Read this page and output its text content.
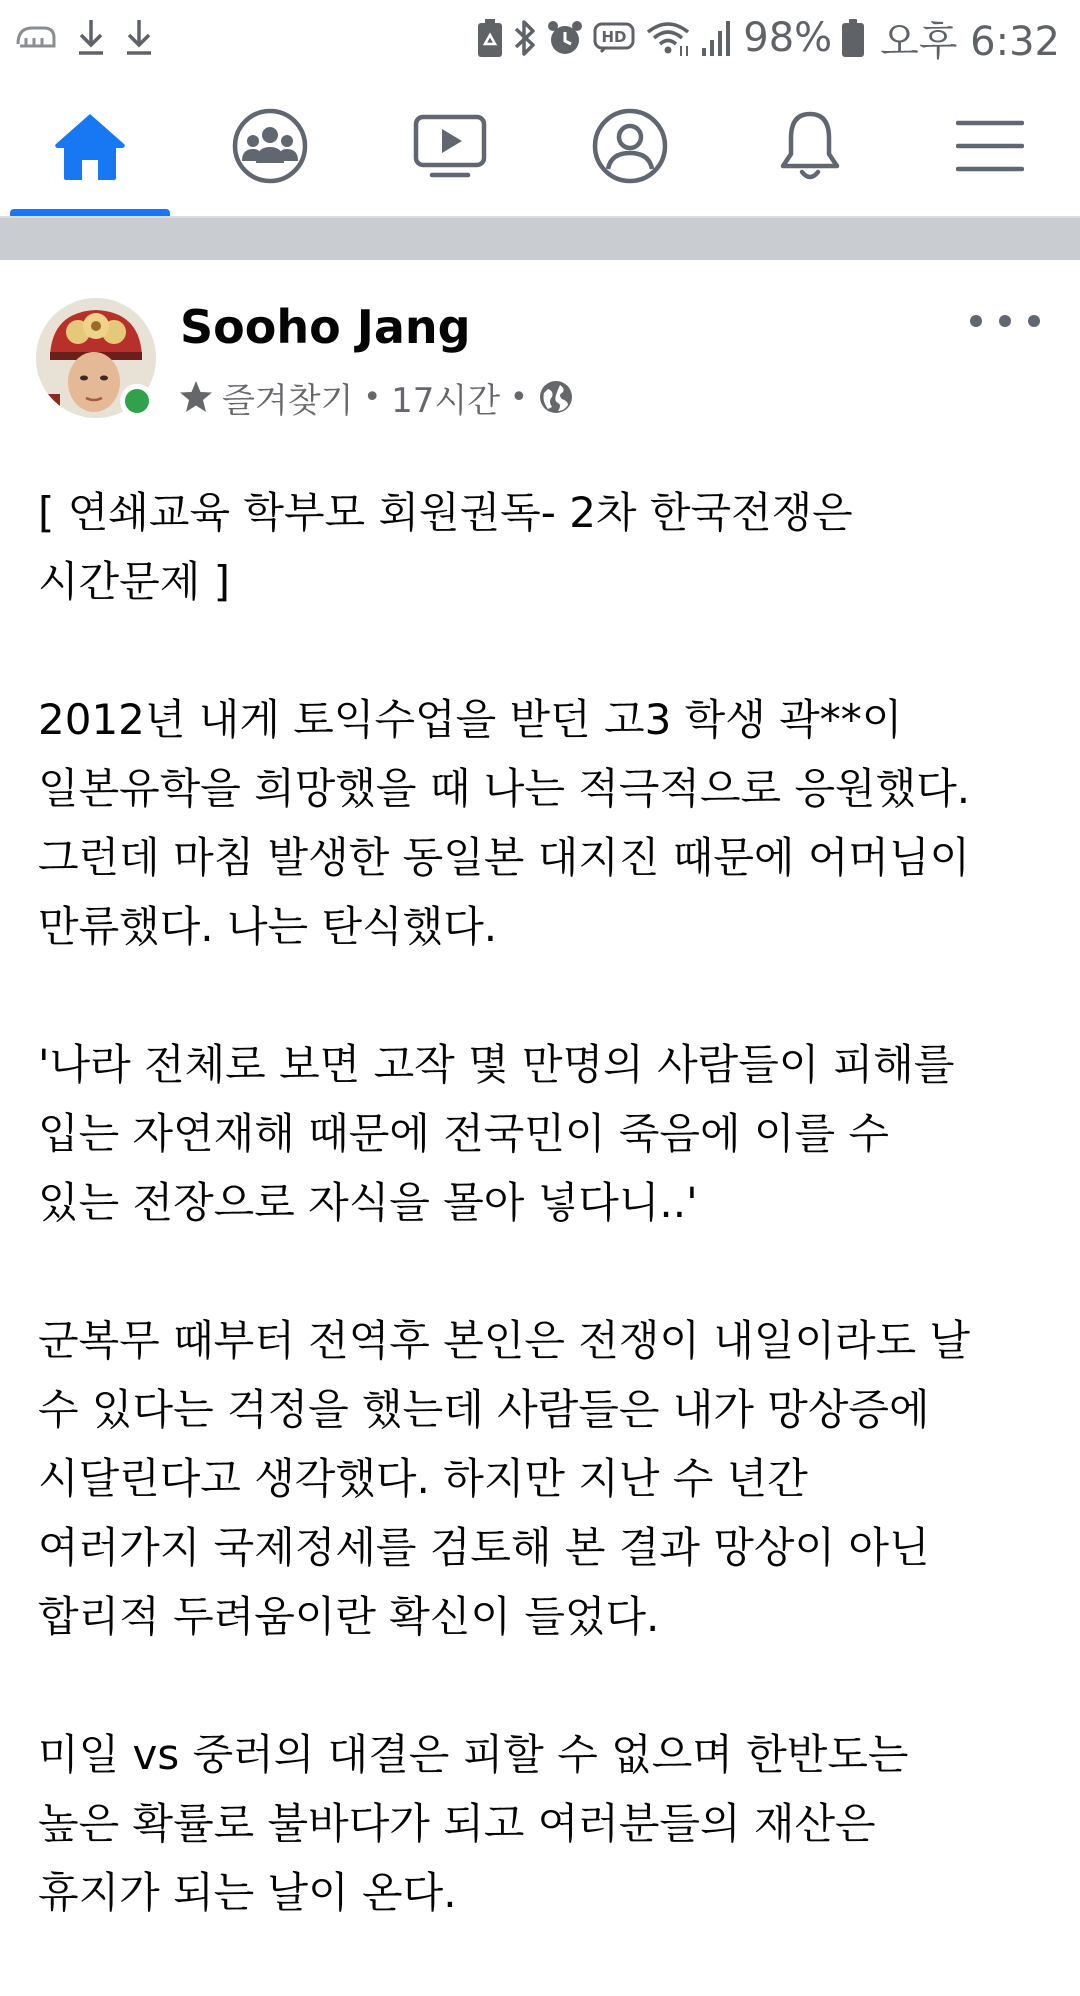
HD	98% 오후 6:32
Sooho Jang
즐겨찾기 • 17시간 •

[ 연쇄교육 학부모 회원권독- 2차 한국전쟁은
시간문제 ]

2012년 내게 토익수업을 받던 고3 학생 곽**이
일본유학을 희망했을 때 나는 적극적으로 응원했다.
그런데 마침 발생한 동일본 대지진 때문에 어머님이
만류했다. 나는 탄식했다.

'나라 전체로 보면 고작 몇 만명의 사람들이 피해를
입는 자연재해 때문에 전국민이 죽음에 이를 수
있는 전장으로 자식을 몰아 넣다니..'

군복무 때부터 전역후 본인은 전쟁이 내일이라도 날
수 있다는 걱정을 했는데 사람들은 내가 망상증에
시달린다고 생각했다. 하지만 지난 수 년간
여러가지 국제정세를 검토해 본 결과 망상이 아닌
합리적 두려움이란 확신이 들었다.

미일 vs 중러의 대결은 피할 수 없으며 한반도는
높은 확률로 불바다가 되고 여러분들의 재산은
휴지가 되는 날이 온다.
